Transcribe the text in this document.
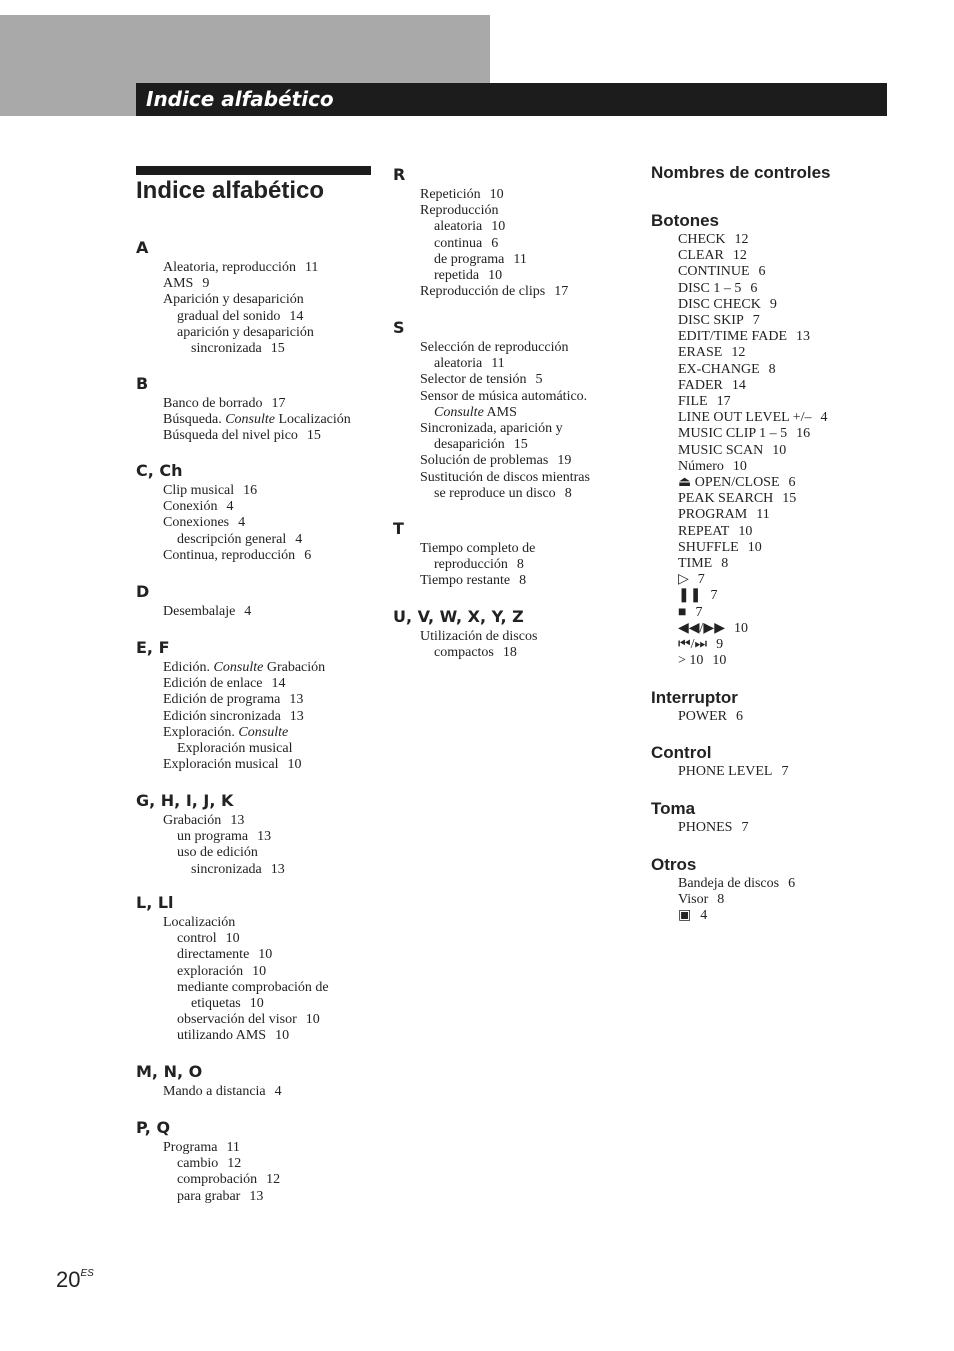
Indice alfabético
Indice alfabético
Nombres de controles
A
Aleatoria, reproducción 11
AMS 9
Aparición y desaparición
gradual del sonido 14
aparición y desaparición
sincronizada 15
B
Banco de borrado 17
Búsqueda. Consulte Localización
Búsqueda del nivel pico 15
C, Ch
Clip musical 16
Conexión 4
Conexiones 4
descripción general 4
Continua, reproducción 6
D
Desembalaje 4
E, F
Edición. Consulte Grabación
Edición de enlace 14
Edición de programa 13
Edición sincronizada 13
Exploración. Consulte
Exploración musical
Exploración musical 10
G, H, I, J, K
Grabación 13
un programa 13
uso de edición
sincronizada 13
L, Ll
Localización
control 10
directamente 10
exploración 10
mediante comprobación de
etiquetas 10
observación del visor 10
utilizando AMS 10
M, N, O
Mando a distancia 4
P, Q
Programa 11
cambio 12
comprobación 12
para grabar 13
R
Repetición 10
Reproducción
aleatoria 10
continua 6
de programa 11
repetida 10
Reproducción de clips 17
S
Selección de reproducción
aleatoria 11
Selector de tensión 5
Sensor de música automático.
Consulte AMS
Sincronizada, aparición y
desaparición 15
Solución de problemas 19
Sustitución de discos mientras
se reproduce un disco 8
T
Tiempo completo de
reproducción 8
Tiempo restante 8
U, V, W, X, Y, Z
Utilización de discos
compactos 18
Botones
CHECK 12
CLEAR 12
CONTINUE 6
DISC 1 – 5 6
DISC CHECK 9
DISC SKIP 7
EDIT/TIME FADE 13
ERASE 12
EX-CHANGE 8
FADER 14
FILE 17
LINE OUT LEVEL +/– 4
MUSIC CLIP 1 – 5 16
MUSIC SCAN 10
Número 10
⏏ OPEN/CLOSE 6
PEAK SEARCH 15
PROGRAM 11
REPEAT 10
SHUFFLE 10
TIME 8
▷ 7
❚❚ 7
■ 7
◀◀/▶▶ 10
⏮/⏭ 9
> 10 10
Interruptor
POWER 6
Control
PHONE LEVEL 7
Toma
PHONES 7
Otros
Bandeja de discos 6
Visor 8
▣ 4
$20^{ES}$
